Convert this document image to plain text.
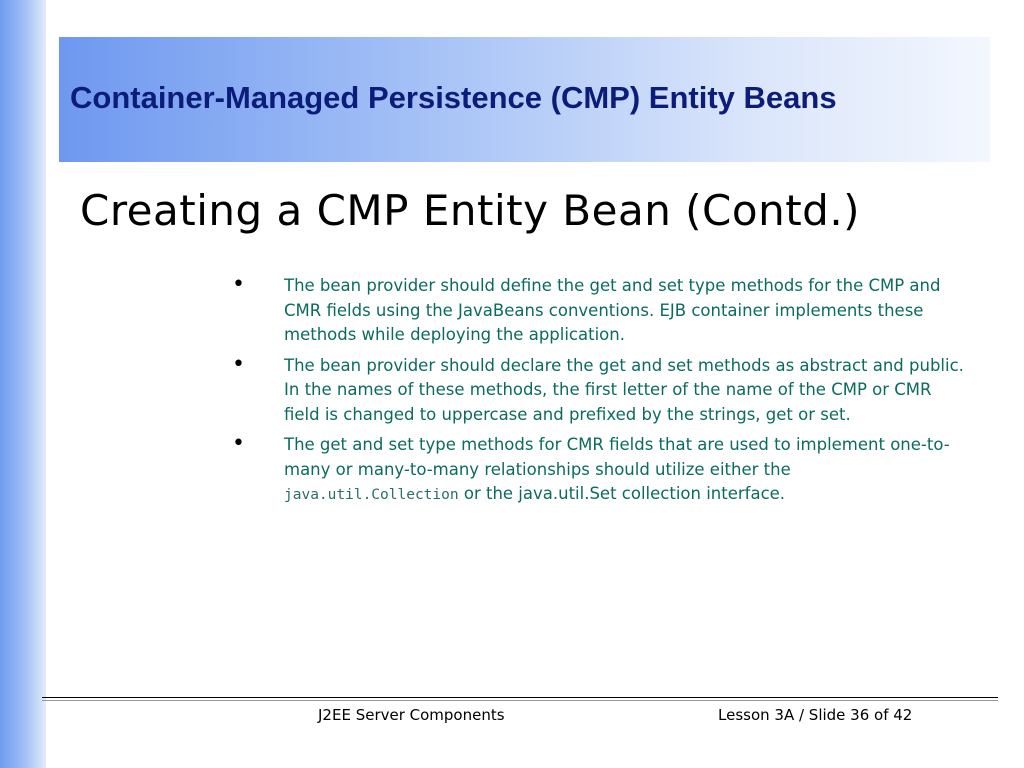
Container-Managed Persistence (CMP) Entity Beans
Creating a CMP Entity Bean (Contd.)
• The bean provider should define the get and set type methods for the CMP and CMR fields using the JavaBeans conventions. EJB container implements these methods while deploying the application.
• The bean provider should declare the get and set methods as abstract and public. In the names of these methods, the first letter of the name of the CMP or CMR field is changed to uppercase and prefixed by the strings, get or set.
• The get and set type methods for CMR fields that are used to implement one-to-many or many-to-many relationships should utilize either the java.util.Collection or the java.util.Set collection interface.
J2EE Server Components	Lesson 3A / Slide 36 of 42
